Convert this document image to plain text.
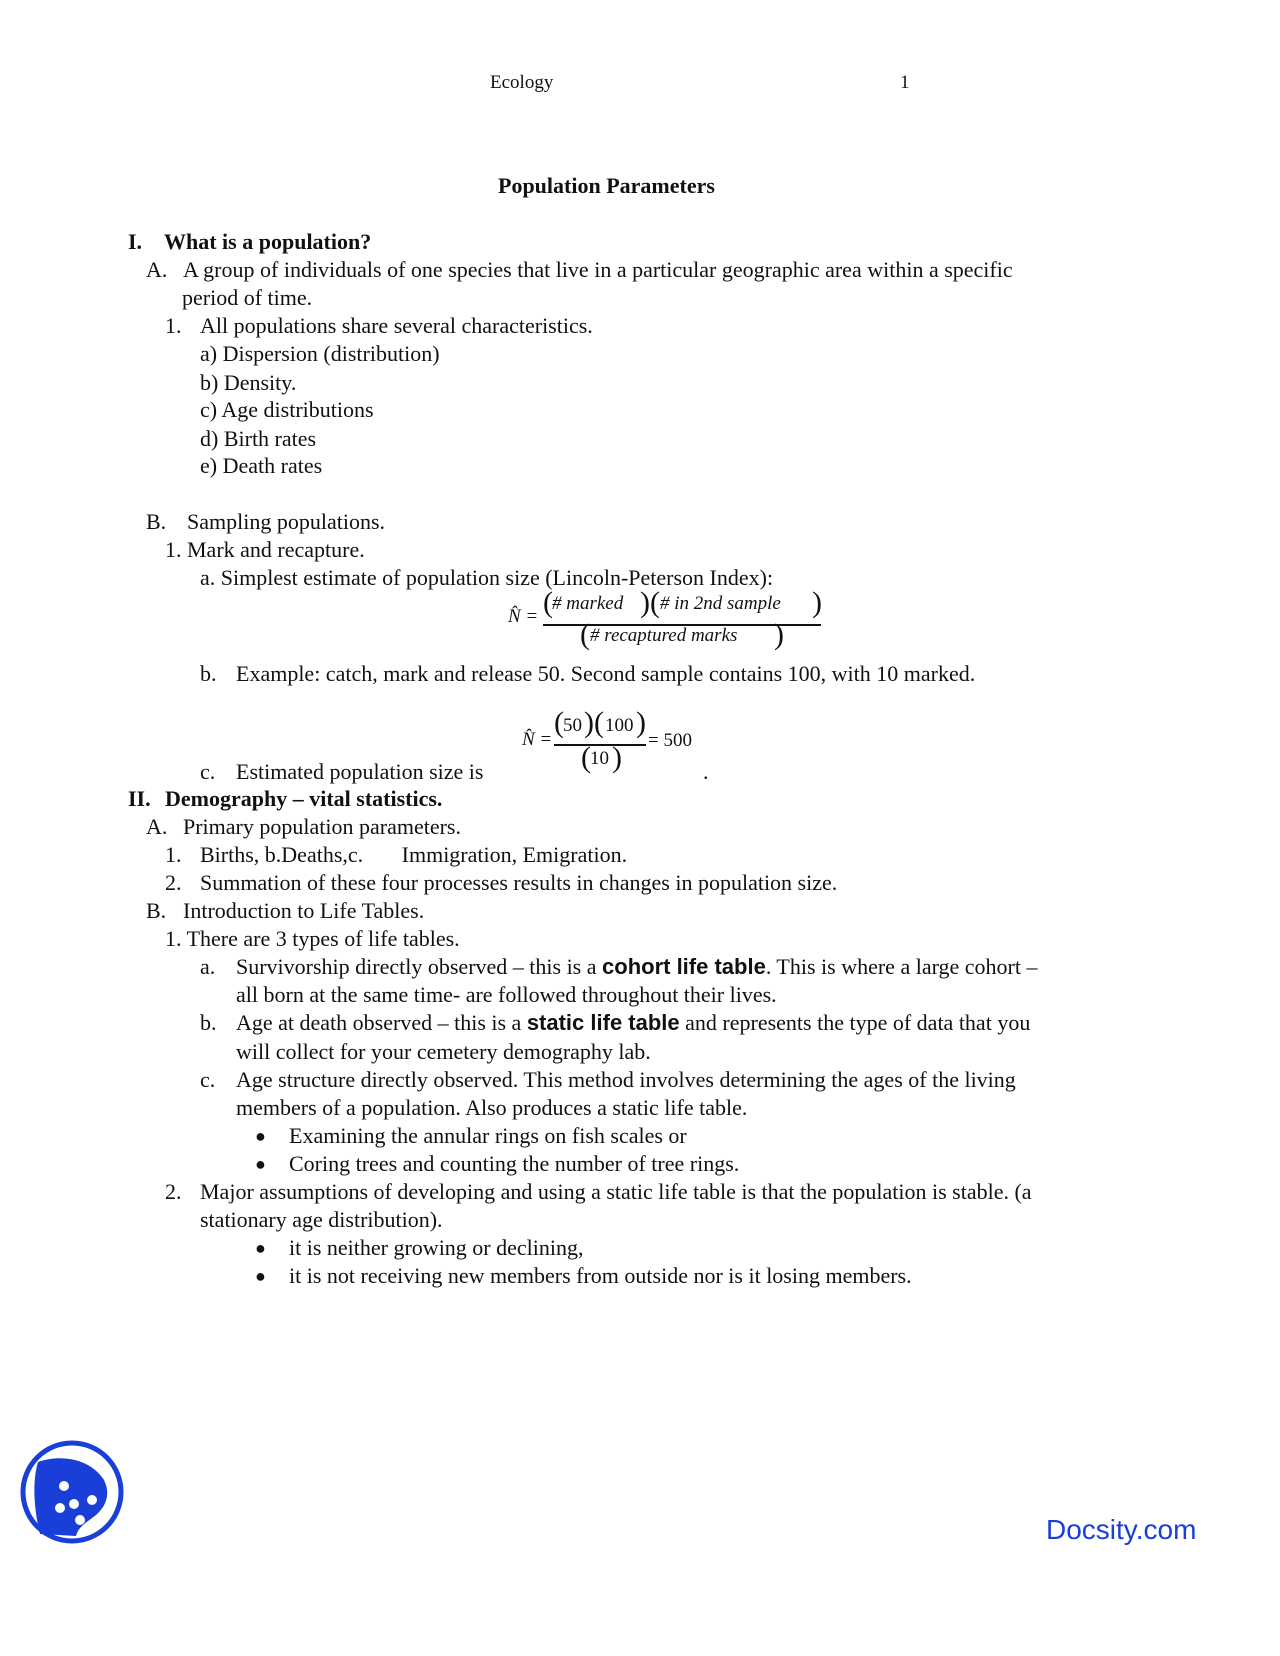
Ecology	1
Population Parameters
I. What is a population?
A. A group of individuals of one species that live in a particular geographic area within a specific
period of time.
1. All populations share several characteristics.
a) Dispersion (distribution)
b) Density.
c) Age distributions
d) Birth rates
e) Death rates
B. Sampling populations.
1. Mark and recapture.
a. Simplest estimate of population size (Lincoln-Peterson Index):
N̂ = ( # marked )( # in 2nd sample )
( # recaptured marks )
b. Example: catch, mark and release 50. Second sample contains 100, with 10 marked.
N̂ =
( 50 )( 100 )
( 10 )
= 500
c. Estimated population size is	.
II. Demography – vital statistics.
A. Primary population parameters.
1. Births, b.Deaths,c.       Immigration, Emigration.
2. Summation of these four processes results in changes in population size.
B. Introduction to Life Tables.
1. There are 3 types of life tables.
a. Survivorship directly observed – this is a cohort life table. This is where a large cohort –
all born at the same time- are followed throughout their lives.
b. Age at death observed – this is a static life table and represents the type of data that you
will collect for your cemetery demography lab.
c. Age structure directly observed. This method involves determining the ages of the living
members of a population. Also produces a static life table.
● Examining the annular rings on fish scales or
● Coring trees and counting the number of tree rings.
2. Major assumptions of developing and using a static life table is that the population is stable. (a
stationary age distribution).
● it is neither growing or declining,
● it is not receiving new members from outside nor is it losing members.
Docsity.com
